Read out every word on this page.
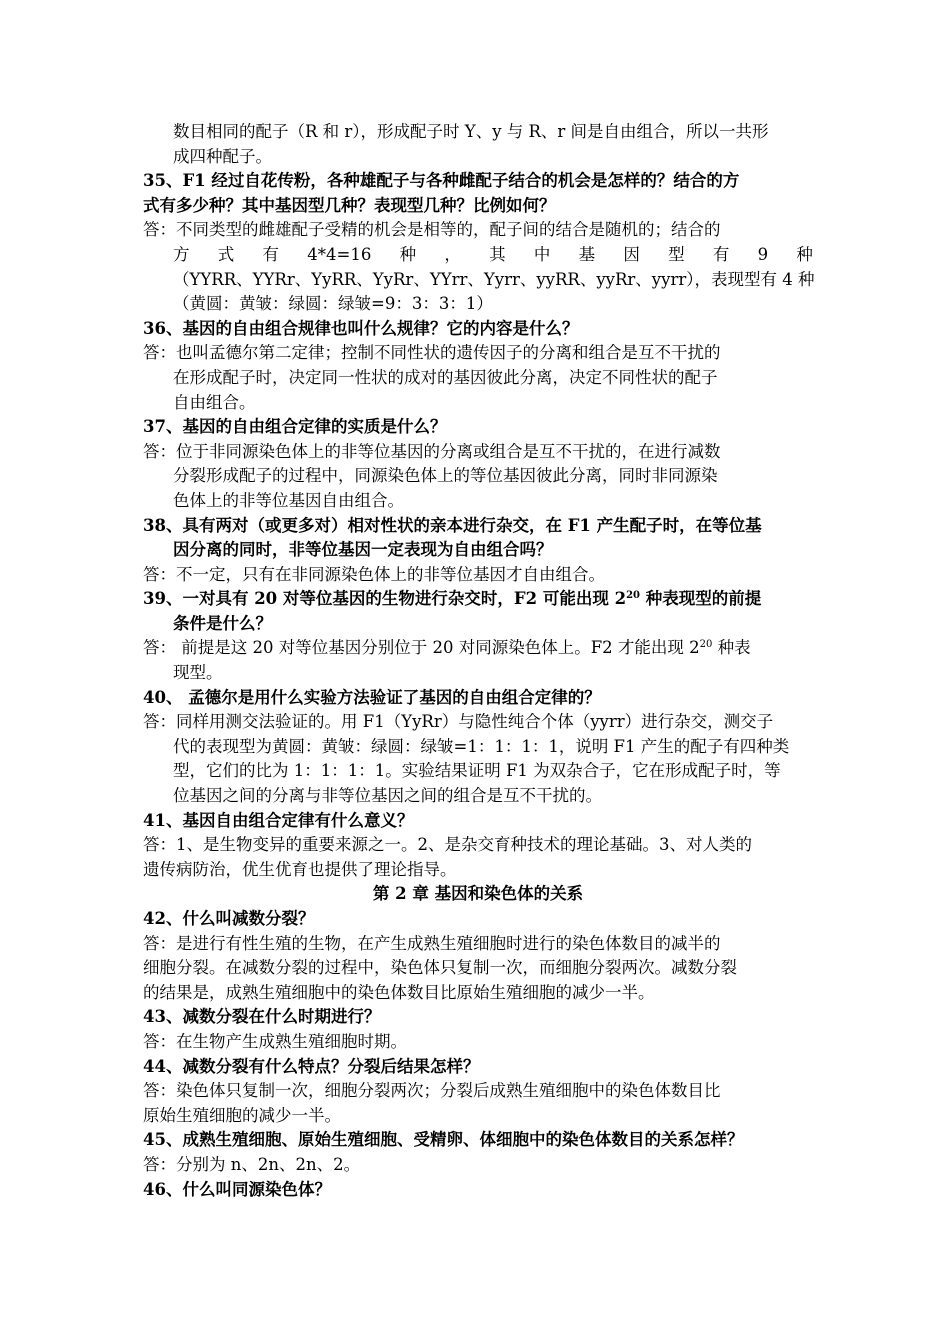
数目相同的配子（R 和 r），形成配子时 Y、y 与 R、r 间是自由组合，所以一共形
成四种配子。
35、F1 经过自花传粉，各种雄配子与各种雌配子结合的机会是怎样的？结合的方
式有多少种？其中基因型几种？表现型几种？比例如何？
答：不同类型的雌雄配子受精的机会是相等的，配子间的结合是随机的；结合的
方 式 有 4*4=16 种 ， 其 中 基 因 型 有 9 种
（YYRR、YYRr、YyRR、YyRr、YYrr、Yyrr、yyRR、yyRr、yyrr），表现型有 4 种
（黄圆：黄皱：绿圆：绿皱=9：3：3：1）
36、基因的自由组合规律也叫什么规律？它的内容是什么？
答：也叫孟德尔第二定律；控制不同性状的遗传因子的分离和组合是互不干扰的
在形成配子时，决定同一性状的成对的基因彼此分离，决定不同性状的配子
自由组合。
37、基因的自由组合定律的实质是什么？
答：位于非同源染色体上的非等位基因的分离或组合是互不干扰的，在进行减数
分裂形成配子的过程中，同源染色体上的等位基因彼此分离，同时非同源染
色体上的非等位基因自由组合。
38、具有两对（或更多对）相对性状的亲本进行杂交，在 F1 产生配子时，在等位基
因分离的同时，非等位基因一定表现为自由组合吗？
答：不一定，只有在非同源染色体上的非等位基因才自由组合。
39、一对具有 20 对等位基因的生物进行杂交时，F2 可能出现 $2^{20}$ 种表现型的前提
条件是什么？
答： 前提是这 20 对等位基因分别位于 20 对同源染色体上。F2 才能出现 $2^{20}$ 种表
现型。
40、 孟德尔是用什么实验方法验证了基因的自由组合定律的？
答：同样用测交法验证的。用 F1（YyRr）与隐性纯合个体（yyrr）进行杂交，测交子
代的表现型为黄圆：黄皱：绿圆：绿皱=1：1：1：1，说明 F1 产生的配子有四种类
型，它们的比为 1：1：1：1。实验结果证明 F1 为双杂合子，它在形成配子时，等
位基因之间的分离与非等位基因之间的组合是互不干扰的。
41、基因自由组合定律有什么意义？
答：1、是生物变异的重要来源之一。2、是杂交育种技术的理论基础。3、对人类的
遗传病防治，优生优育也提供了理论指导。
第 2 章 基因和染色体的关系
42、什么叫减数分裂？
答：是进行有性生殖的生物，在产生成熟生殖细胞时进行的染色体数目的减半的
细胞分裂。在减数分裂的过程中，染色体只复制一次，而细胞分裂两次。减数分裂
的结果是，成熟生殖细胞中的染色体数目比原始生殖细胞的减少一半。
43、减数分裂在什么时期进行？
答：在生物产生成熟生殖细胞时期。
44、减数分裂有什么特点？分裂后结果怎样？
答：染色体只复制一次，细胞分裂两次；分裂后成熟生殖细胞中的染色体数目比
原始生殖细胞的减少一半。
45、成熟生殖细胞、原始生殖细胞、受精卵、体细胞中的染色体数目的关系怎样？
答：分别为 n、2n、2n、2。
46、什么叫同源染色体？
